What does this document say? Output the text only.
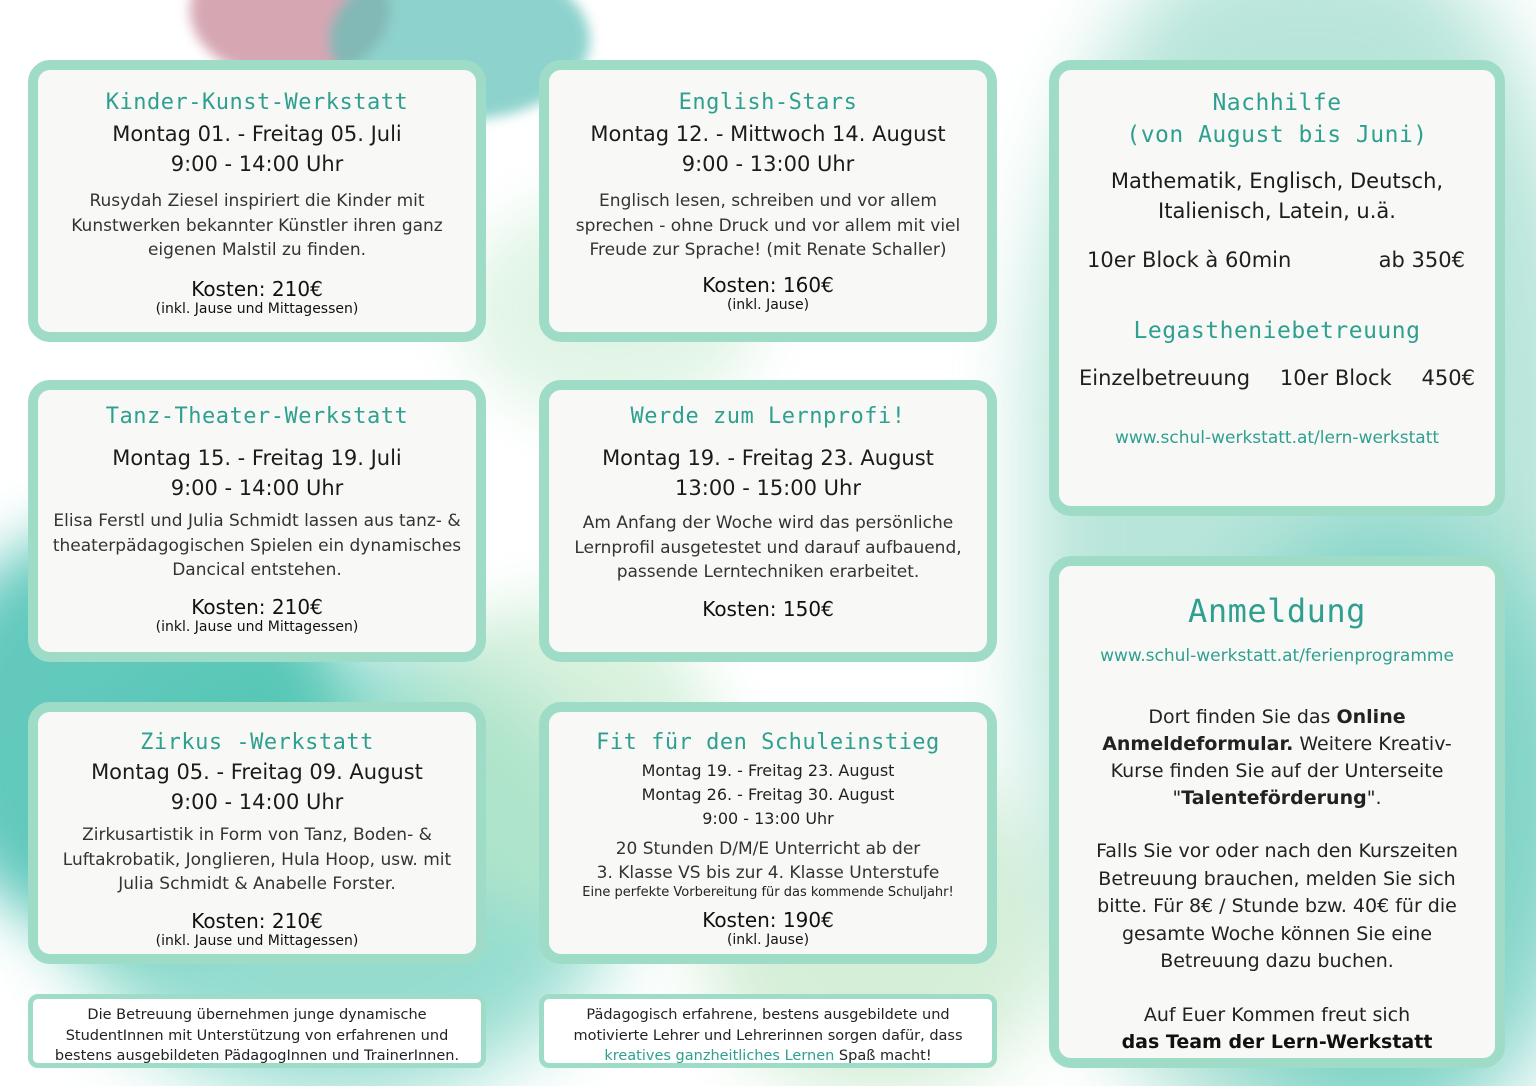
Kinder-Kunst-Werkstatt
Montag 01. - Freitag 05. Juli
9:00 - 14:00 Uhr
Rusydah Ziesel inspiriert die Kinder mit Kunstwerken bekannter Künstler ihren ganz eigenen Malstil zu finden.
Kosten: 210€
(inkl. Jause und Mittagessen)
English-Stars
Montag 12. - Mittwoch 14. August
9:00 - 13:00 Uhr
Englisch lesen, schreiben und vor allem sprechen - ohne Druck und vor allem mit viel Freude zur Sprache! (mit Renate Schaller)
Kosten: 160€
(inkl. Jause)
Tanz-Theater-Werkstatt
Montag 15. - Freitag 19. Juli
9:00 - 14:00 Uhr
Elisa Ferstl und Julia Schmidt lassen aus tanz- & theaterpädagogischen Spielen ein dynamisches Dancical entstehen.
Kosten: 210€
(inkl. Jause und Mittagessen)
Werde zum Lernprofi!
Montag 19. - Freitag 23. August
13:00 - 15:00 Uhr
Am Anfang der Woche wird das persönliche Lernprofil ausgetestet und darauf aufbauend, passende Lerntechniken erarbeitet.
Kosten: 150€
Zirkus -Werkstatt
Montag 05. - Freitag 09. August
9:00 - 14:00 Uhr
Zirkusartistik in Form von Tanz, Boden- & Luftakrobatik, Jonglieren, Hula Hoop, usw. mit Julia Schmidt & Anabelle Forster.
Kosten: 210€
(inkl. Jause und Mittagessen)
Fit für den Schuleinstieg
Montag 19. - Freitag 23. August
Montag 26. - Freitag 30. August
9:00 - 13:00 Uhr
20 Stunden D/M/E Unterricht ab der
3. Klasse VS bis zur 4. Klasse Unterstufe
Eine perfekte Vorbereitung für das kommende Schuljahr!
Kosten: 190€
(inkl. Jause)
Nachhilfe
(von August bis Juni)
Mathematik, Englisch, Deutsch, Italienisch, Latein, u.ä.
10er Block à 60min	ab 350€
Legastheniebetreuung
Einzelbetreuung 10er Block 450€
www.schul-werkstatt.at/lern-werkstatt
Anmeldung
www.schul-werkstatt.at/ferienprogramme
Dort finden Sie das Online Anmeldeformular. Weitere Kreativ-Kurse finden Sie auf der Unterseite "Talenteförderung".
Falls Sie vor oder nach den Kurszeiten Betreuung brauchen, melden Sie sich bitte. Für 8€ / Stunde bzw. 40€ für die gesamte Woche können Sie eine Betreuung dazu buchen.
Auf Euer Kommen freut sich
das Team der Lern-Werkstatt
Die Betreuung übernehmen junge dynamische StudentInnen mit Unterstützung von erfahrenen und bestens ausgebildeten PädagogInnen und TrainerInnen.
Pädagogisch erfahrene, bestens ausgebildete und motivierte Lehrer und Lehrerinnen sorgen dafür, dass kreatives ganzheitliches Lernen Spaß macht!
